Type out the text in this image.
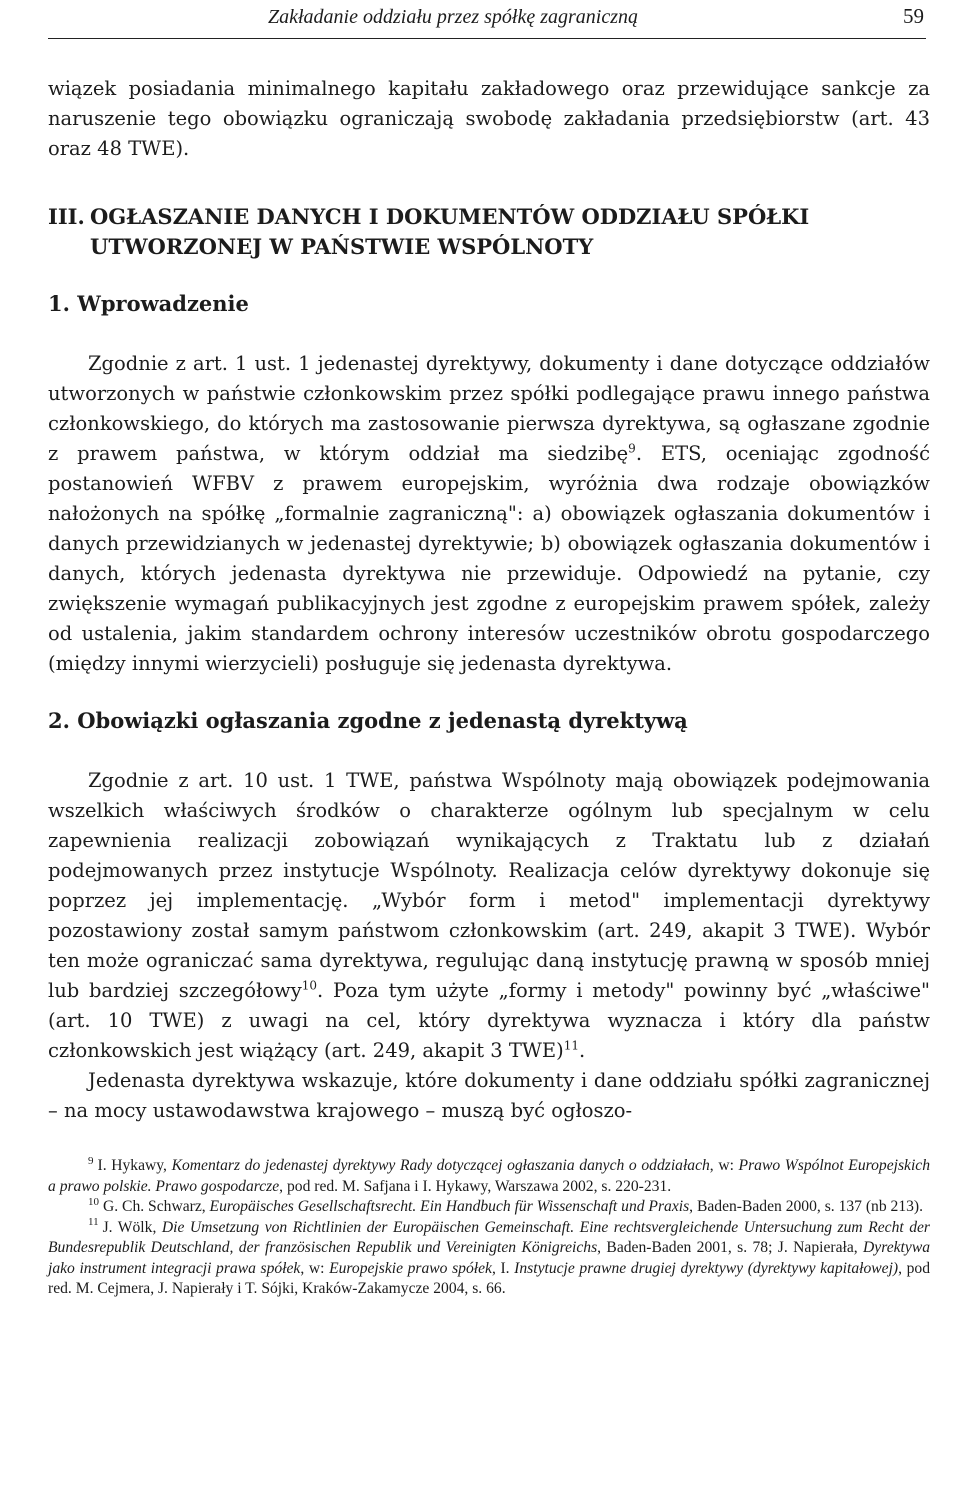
Zakładanie oddziału przez spółkę zagraniczną	59

wiązek posiadania minimalnego kapitału zakładowego oraz przewidujące sankcje za naruszenie tego obowiązku ograniczają swobodę zakładania przedsiębiorstw (art. 43 oraz 48 TWE).

III. OGŁASZANIE DANYCH I DOKUMENTÓW ODDZIAŁU SPÓŁKI UTWORZONEJ W PAŃSTWIE WSPÓLNOTY
1. Wprowadzenie

Zgodnie z art. 1 ust. 1 jedenastej dyrektywy, dokumenty i dane dotyczące oddziałów utworzonych w państwie członkowskim przez spółki podlegające prawu innego państwa członkowskiego, do których ma zastosowanie pierwsza dyrektywa, są ogłaszane zgodnie z prawem państwa, w którym oddział ma siedzibę$^9$. ETS, oceniając zgodność postanowień WFBV z prawem europejskim, wyróżnia dwa rodzaje obowiązków nałożonych na spółkę „formalnie zagraniczną": a) obowiązek ogłaszania dokumentów i danych przewidzianych w jedenastej dyrektywie; b) obowiązek ogłaszania dokumentów i danych, których jedenasta dyrektywa nie przewiduje. Odpowiedź na pytanie, czy zwiększenie wymagań publikacyjnych jest zgodne z europejskim prawem spółek, zależy od ustalenia, jakim standardem ochrony interesów uczestników obrotu gospodarczego (między innymi wierzycieli) posługuje się jedenasta dyrektywa.

2. Obowiązki ogłaszania zgodne z jedenastą dyrektywą

Zgodnie z art. 10 ust. 1 TWE, państwa Wspólnoty mają obowiązek podejmowania wszelkich właściwych środków o charakterze ogólnym lub specjalnym w celu zapewnienia realizacji zobowiązań wynikających z Traktatu lub z działań podejmowanych przez instytucje Wspólnoty. Realizacja celów dyrektywy dokonuje się poprzez jej implementację. „Wybór form i metod" implementacji dyrektywy pozostawiony został samym państwom członkowskim (art. 249, akapit 3 TWE). Wybór ten może ograniczać sama dyrektywa, regulując daną instytucję prawną w sposób mniej lub bardziej szczegółowy$^{10}$. Poza tym użyte „formy i metody" powinny być „właściwe" (art. 10 TWE) z uwagi na cel, który dyrektywa wyznacza i który dla państw członkowskich jest wiążący (art. 249, akapit 3 TWE)$^{11}$.

Jedenasta dyrektywa wskazuje, które dokumenty i dane oddziału spółki zagranicznej – na mocy ustawodawstwa krajowego – muszą być ogłoszo-

$^9$ I. Hykawy, Komentarz do jedenastej dyrektywy Rady dotyczącej ogłaszania danych o oddziałach, w: Prawo Wspólnot Europejskich a prawo polskie. Prawo gospodarcze, pod red. M. Safjana i I. Hykawy, Warszawa 2002, s. 220-231.

$^{10}$ G. Ch. Schwarz, Europäisches Gesellschaftsrecht. Ein Handbuch für Wissenschaft und Praxis, Baden-Baden 2000, s. 137 (nb 213).

$^{11}$ J. Wölk, Die Umsetzung von Richtlinien der Europäischen Gemeinschaft. Eine rechtsvergleichende Untersuchung zum Recht der Bundesrepublik Deutschland, der französischen Republik und Vereinigten Königreichs, Baden-Baden 2001, s. 78; J. Napierała, Dyrektywa jako instrument integracji prawa spółek, w: Europejskie prawo spółek, I. Instytucje prawne drugiej dyrektywy (dyrektywy kapitałowej), pod red. M. Cejmera, J. Napierały i T. Sójki, Kraków-Zakamycze 2004, s. 66.
